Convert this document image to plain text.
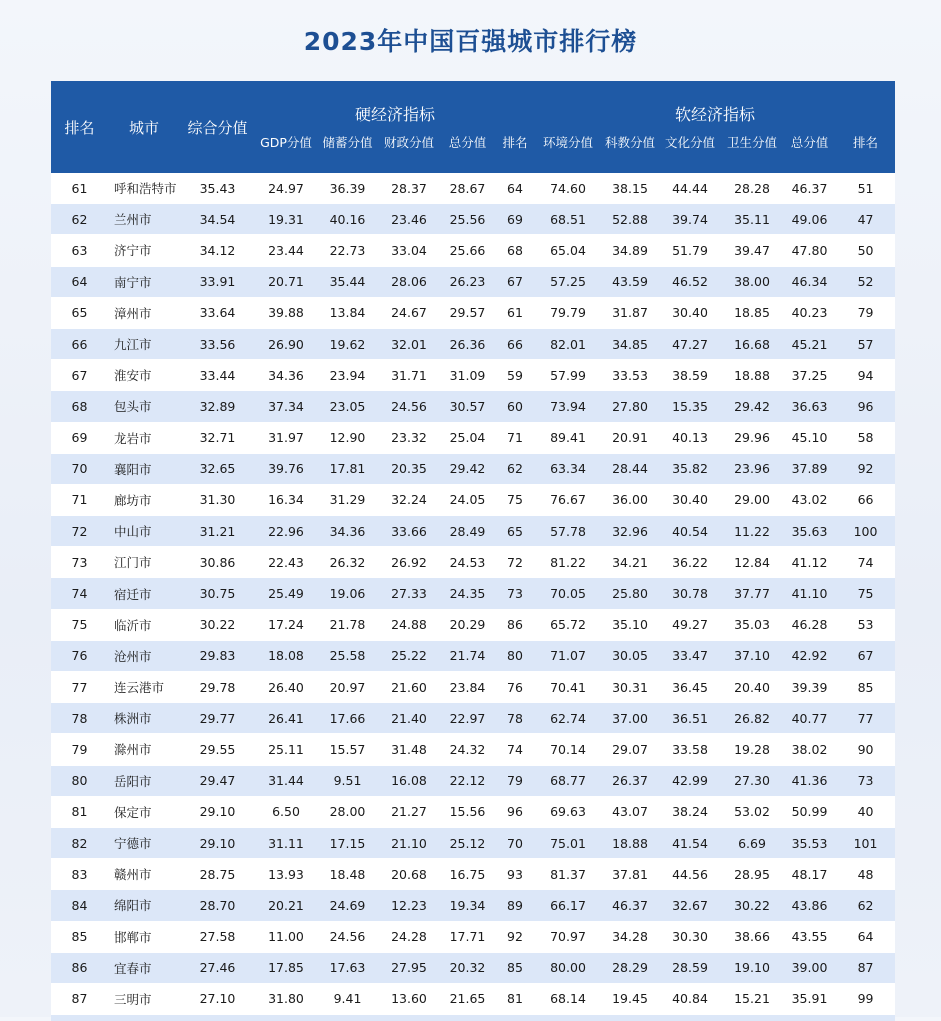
2023年中国百强城市排行榜
排名	城市	综合分值	硬经济指标					软经济指标					
			GDP分值	储蓄分值	财政分值	总分值	排名	环境分值	科教分值	文化分值	卫生分值	总分值	排名
61	呼和浩特市	35.43	24.97	36.39	28.37	28.67	64	74.60	38.15	44.44	28.28	46.37	51
62	兰州市	34.54	19.31	40.16	23.46	25.56	69	68.51	52.88	39.74	35.11	49.06	47
63	济宁市	34.12	23.44	22.73	33.04	25.66	68	65.04	34.89	51.79	39.47	47.80	50
64	南宁市	33.91	20.71	35.44	28.06	26.23	67	57.25	43.59	46.52	38.00	46.34	52
65	漳州市	33.64	39.88	13.84	24.67	29.57	61	79.79	31.87	30.40	18.85	40.23	79
66	九江市	33.56	26.90	19.62	32.01	26.36	66	82.01	34.85	47.27	16.68	45.21	57
67	淮安市	33.44	34.36	23.94	31.71	31.09	59	57.99	33.53	38.59	18.88	37.25	94
68	包头市	32.89	37.34	23.05	24.56	30.57	60	73.94	27.80	15.35	29.42	36.63	96
69	龙岩市	32.71	31.97	12.90	23.32	25.04	71	89.41	20.91	40.13	29.96	45.10	58
70	襄阳市	32.65	39.76	17.81	20.35	29.42	62	63.34	28.44	35.82	23.96	37.89	92
71	廊坊市	31.30	16.34	31.29	32.24	24.05	75	76.67	36.00	30.40	29.00	43.02	66
72	中山市	31.21	22.96	34.36	33.66	28.49	65	57.78	32.96	40.54	11.22	35.63	100
73	江门市	30.86	22.43	26.32	26.92	24.53	72	81.22	34.21	36.22	12.84	41.12	74
74	宿迁市	30.75	25.49	19.06	27.33	24.35	73	70.05	25.80	30.78	37.77	41.10	75
75	临沂市	30.22	17.24	21.78	24.88	20.29	86	65.72	35.10	49.27	35.03	46.28	53
76	沧州市	29.83	18.08	25.58	25.22	21.74	80	71.07	30.05	33.47	37.10	42.92	67
77	连云港市	29.78	26.40	20.97	21.60	23.84	76	70.41	30.31	36.45	20.40	39.39	85
78	株洲市	29.77	26.41	17.66	21.40	22.97	78	62.74	37.00	36.51	26.82	40.77	77
79	滁州市	29.55	25.11	15.57	31.48	24.32	74	70.14	29.07	33.58	19.28	38.02	90
80	岳阳市	29.47	31.44	9.51	16.08	22.12	79	68.77	26.37	42.99	27.30	41.36	73
81	保定市	29.10	6.50	28.00	21.27	15.56	96	69.63	43.07	38.24	53.02	50.99	40
82	宁德市	29.10	31.11	17.15	21.10	25.12	70	75.01	18.88	41.54	6.69	35.53	101
83	赣州市	28.75	13.93	18.48	20.68	16.75	93	81.37	37.81	44.56	28.95	48.17	48
84	绵阳市	28.70	20.21	24.69	12.23	19.34	89	66.17	46.37	32.67	30.22	43.86	62
85	邯郸市	27.58	11.00	24.56	24.28	17.71	92	70.97	34.28	30.30	38.66	43.55	64
86	宜春市	27.46	17.85	17.63	27.95	20.32	85	80.00	28.29	28.59	19.10	39.00	87
87	三明市	27.10	31.80	9.41	13.60	21.65	81	68.14	19.45	40.84	15.21	35.91	99
